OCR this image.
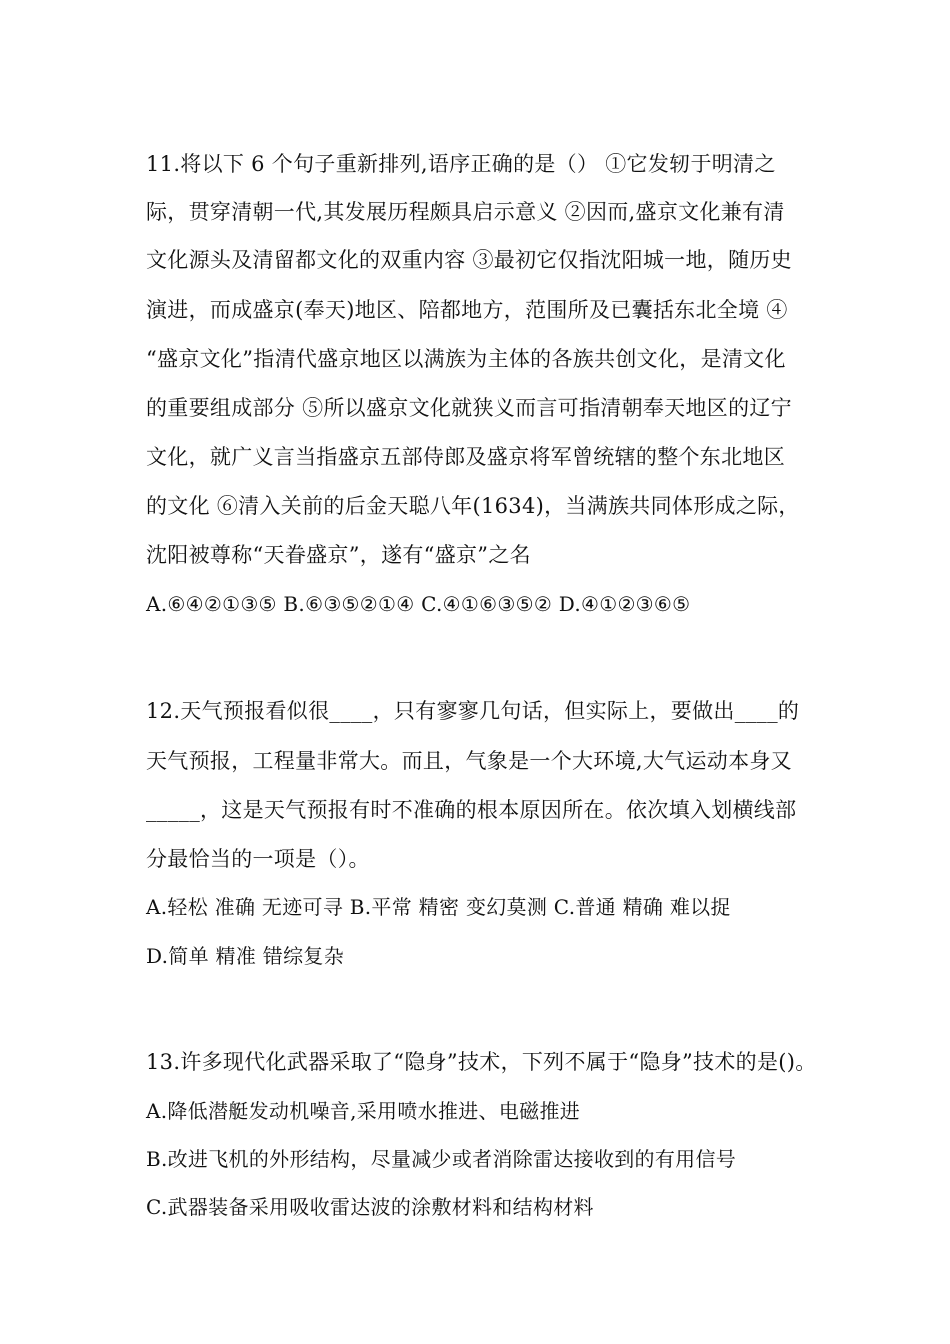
11.将以下 6 个句子重新排列,语序正确的是（） ①它发轫于明清之
际，贯穿清朝一代,其发展历程颇具启示意义 ②因而,盛京文化兼有清
文化源头及清留都文化的双重内容 ③最初它仅指沈阳城一地，随历史
演进，而成盛京(奉天)地区、陪都地方，范围所及已囊括东北全境 ④
“盛京文化”指清代盛京地区以满族为主体的各族共创文化，是清文化
的重要组成部分 ⑤所以盛京文化就狭义而言可指清朝奉天地区的辽宁
文化，就广义言当指盛京五部侍郎及盛京将军曾统辖的整个东北地区
的文化 ⑥清入关前的后金天聪八年(1634)，当满族共同体形成之际，
沈阳被尊称“天眷盛京”，遂有“盛京”之名
A.⑥④②①③⑤ B.⑥③⑤②①④ C.④①⑥③⑤② D.④①②③⑥⑤
12.天气预报看似很____，只有寥寥几句话，但实际上，要做出____的
天气预报，工程量非常大。而且，气象是一个大环境,大气运动本身又
_____，这是天气预报有时不准确的根本原因所在。依次填入划横线部
分最恰当的一项是（）。
A.轻松 准确 无迹可寻 B.平常 精密 变幻莫测 C.普通 精确 难以捉
D.简单 精准 错综复杂
13.许多现代化武器采取了“隐身”技术，下列不属于“隐身”技术的是()。
A.降低潜艇发动机噪音,采用喷水推进、电磁推进
B.改进飞机的外形结构，尽量减少或者消除雷达接收到的有用信号
C.武器装备采用吸收雷达波的涂敷材料和结构材料
